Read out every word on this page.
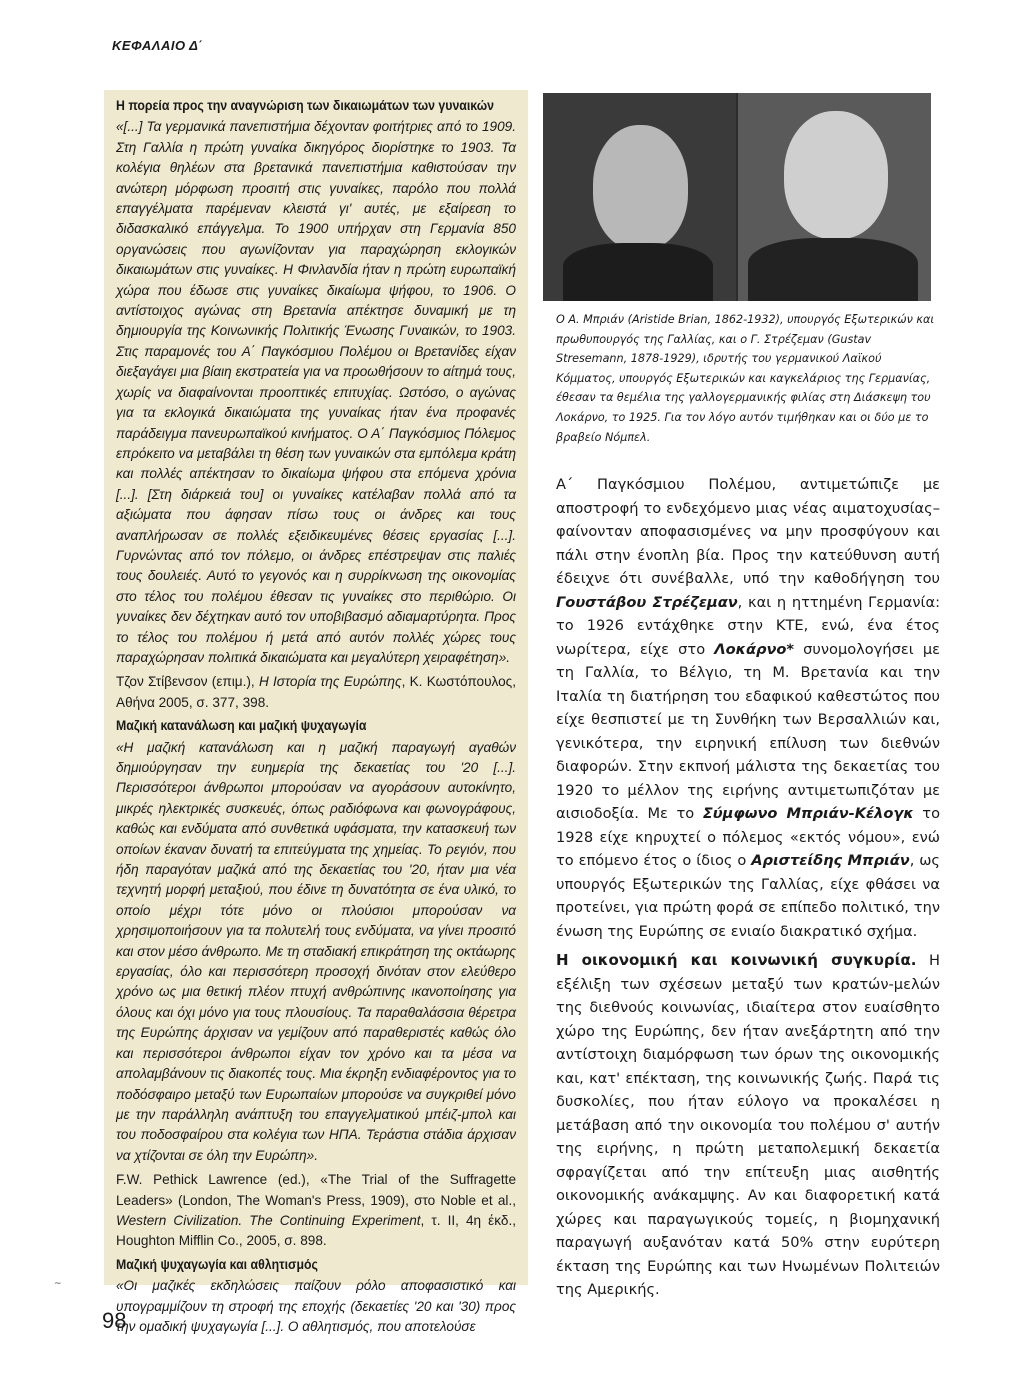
ΚΕΦΑΛΑΙΟ Δ΄

Η πορεία προς την αναγνώριση των δικαιωμάτων των γυναικών

«[...] Τα γερμανικά πανεπιστήμια δέχονταν φοιτήτριες από το 1909. Στη Γαλλία η πρώτη γυναίκα δικηγόρος διορίστηκε το 1903. Τα κολέγια θηλέων στα βρετανικά πανεπιστήμια καθιστούσαν την ανώτερη μόρφωση προσιτή στις γυναίκες, παρόλο που πολλά επαγγέλματα παρέμεναν κλειστά γι' αυτές, με εξαίρεση το διδασκαλικό επάγγελμα. Το 1900 υπήρχαν στη Γερμανία 850 οργανώσεις που αγωνίζονταν για παραχώρηση εκλογικών δικαιωμάτων στις γυναίκες. Η Φινλανδία ήταν η πρώτη ευρωπαϊκή χώρα που έδωσε στις γυναίκες δικαίωμα ψήφου, το 1906. Ο αντίστοιχος αγώνας στη Βρετανία απέκτησε δυναμική με τη δημιουργία της Κοινωνικής Πολιτικής Ένωσης Γυναικών, το 1903. Στις παραμονές του Α΄ Παγκόσμιου Πολέμου οι Βρετανίδες είχαν διεξαγάγει μια βίαιη εκστρατεία για να προωθήσουν το αίτημά τους, χωρίς να διαφαίνονται προοπτικές επιτυχίας. Ωστόσο, ο αγώνας για τα εκλογικά δικαιώματα της γυναίκας ήταν ένα προφανές παράδειγμα πανευρωπαϊκού κινήματος. Ο Α΄ Παγκόσμιος Πόλεμος επρόκειτο να μεταβάλει τη θέση των γυναικών στα εμπόλεμα κράτη και πολλές απέκτησαν το δικαίωμα ψήφου στα επόμενα χρόνια [...]. [Στη διάρκειά του] οι γυναίκες κατέλαβαν πολλά από τα αξιώματα που άφησαν πίσω τους οι άνδρες και τους αναπλήρωσαν σε πολλές εξειδικευμένες θέσεις εργασίας [...]. Γυρνώντας από τον πόλεμο, οι άνδρες επέστρεψαν στις παλιές τους δουλειές. Αυτό το γεγονός και η συρρίκνωση της οικονομίας στο τέλος του πολέμου έθεσαν τις γυναίκες στο περιθώριο. Οι γυναίκες δεν δέχτηκαν αυτό τον υποβιβασμό αδιαμαρτύρητα. Προς το τέλος του πολέμου ή μετά από αυτόν πολλές χώρες τους παραχώρησαν πολιτικά δικαιώματα και μεγαλύτερη χειραφέτηση».

Τζον Στίβενσον (επιμ.), Η Ιστορία της Ευρώπης, Κ. Κωστόπουλος, Αθήνα 2005, σ. 377, 398.

Μαζική κατανάλωση και μαζική ψυχαγωγία

«Η μαζική κατανάλωση και η μαζική παραγωγή αγαθών δημιούργησαν την ευημερία της δεκαετίας του '20 [...]. Περισσότεροι άνθρωποι μπορούσαν να αγοράσουν αυτοκίνητο, μικρές ηλεκτρικές συσκευές, όπως ραδιόφωνα και φωνογράφους, καθώς και ενδύματα από συνθετικά υφάσματα, την κατασκευή των οποίων έκαναν δυνατή τα επιτεύγματα της χημείας. Το ρεγιόν, που ήδη παραγόταν μαζικά από της δεκαετίας του '20, ήταν μια νέα τεχνητή μορφή μεταξιού, που έδινε τη δυνατότητα σε ένα υλικό, το οποίο μέχρι τότε μόνο οι πλούσιοι μπορούσαν να χρησιμοποιήσουν για τα πολυτελή τους ενδύματα, να γίνει προσιτό και στον μέσο άνθρωπο. Με τη σταδιακή επικράτηση της οκτάωρης εργασίας, όλο και περισσότερη προσοχή δινόταν στον ελεύθερο χρόνο ως μια θετική πλέον πτυχή ανθρώπινης ικανοποίησης για όλους και όχι μόνο για τους πλουσίους. Τα παραθαλάσσια θέρετρα της Ευρώπης άρχισαν να γεμίζουν από παραθεριστές καθώς όλο και περισσότεροι άνθρωποι είχαν τον χρόνο και τα μέσα να απολαμβάνουν τις διακοπές τους. Μια έκρηξη ενδιαφέροντος για το ποδόσφαιρο μεταξύ των Ευρωπαίων μπορούσε να συγκριθεί μόνο με την παράλληλη ανάπτυξη του επαγγελματικού μπέιζ-μπολ και του ποδοσφαίρου στα κολέγια των ΗΠΑ. Τεράστια στάδια άρχισαν να χτίζονται σε όλη την Ευρώπη».

F.W. Pethick Lawrence (ed.), «The Trial of the Suffragette Leaders» (London, The Woman's Press, 1909), στο Noble et al., Western Civilization. The Continuing Experiment, τ. II, 4η έκδ., Houghton Mifflin Co., 2005, σ. 898.

Μαζική ψυχαγωγία και αθλητισμός

«Οι μαζικές εκδηλώσεις παίζουν ρόλο αποφασιστικό και υπογραμμίζουν τη στροφή της εποχής (δεκαετίες '20 και '30) προς την ομαδική ψυχαγωγία [...]. Ο αθλητισμός, που αποτελούσε

Ο Α. Μπριάν (Aristide Brian, 1862-1932), υπουργός Εξωτερικών και πρωθυπουργός της Γαλλίας, και ο Γ. Στρέζεμαν (Gustav Stresemann, 1878-1929), ιδρυτής του γερμανικού Λαϊκού Κόμματος, υπουργός Εξωτερικών και καγκελάριος της Γερμανίας, έθεσαν τα θεμέλια της γαλλογερμανικής φιλίας στη Διάσκεψη του Λοκάρνο, το 1925. Για τον λόγο αυτόν τιμήθηκαν και οι δύο με το βραβείο Νόμπελ.

Α΄ Παγκόσμιου Πολέμου, αντιμετώπιζε με αποστροφή το ενδεχόμενο μιας νέας αιματοχυσίας– φαίνονταν αποφασισμένες να μην προσφύγουν και πάλι στην ένοπλη βία. Προς την κατεύθυνση αυτή έδειχνε ότι συνέβαλλε, υπό την καθοδήγηση του Γουστάβου Στρέζεμαν, και η ηττημένη Γερμανία: το 1926 εντάχθηκε στην ΚΤΕ, ενώ, ένα έτος νωρίτερα, είχε στο Λοκάρνο* συνομολογήσει με τη Γαλλία, το Βέλγιο, τη Μ. Βρετανία και την Ιταλία τη διατήρηση του εδαφικού καθεστώτος που είχε θεσπιστεί με τη Συνθήκη των Βερσαλλιών και, γενικότερα, την ειρηνική επίλυση των διεθνών διαφορών. Στην εκπνοή μάλιστα της δεκαετίας του 1920 το μέλλον της ειρήνης αντιμετωπιζόταν με αισιοδοξία. Με το Σύμφωνο Μπριάν-Κέλογκ το 1928 είχε κηρυχτεί ο πόλεμος «εκτός νόμου», ενώ το επόμενο έτος ο ίδιος ο Αριστείδης Μπριάν, ως υπουργός Εξωτερικών της Γαλλίας, είχε φθάσει να προτείνει, για πρώτη φορά σε επίπεδο πολιτικό, την ένωση της Ευρώπης σε ενιαίο διακρατικό σχήμα.

Η οικονομική και κοινωνική συγκυρία. Η εξέλιξη των σχέσεων μεταξύ των κρατών-μελών της διεθνούς κοινωνίας, ιδιαίτερα στον ευαίσθητο χώρο της Ευρώπης, δεν ήταν ανεξάρτητη από την αντίστοιχη διαμόρφωση των όρων της οικονομικής και, κατ' επέκταση, της κοινωνικής ζωής. Παρά τις δυσκολίες, που ήταν εύλογο να προκαλέσει η μετάβαση από την οικονομία του πολέμου σ' αυτήν της ειρήνης, η πρώτη μεταπολεμική δεκαετία σφραγίζεται από την επίτευξη μιας αισθητής οικονομικής ανάκαμψης. Αν και διαφορετική κατά χώρες και παραγωγικούς τομείς, η βιομηχανική παραγωγή αυξανόταν κατά 50% στην ευρύτερη έκταση της Ευρώπης και των Ηνωμένων Πολιτειών της Αμερικής.

~
98
